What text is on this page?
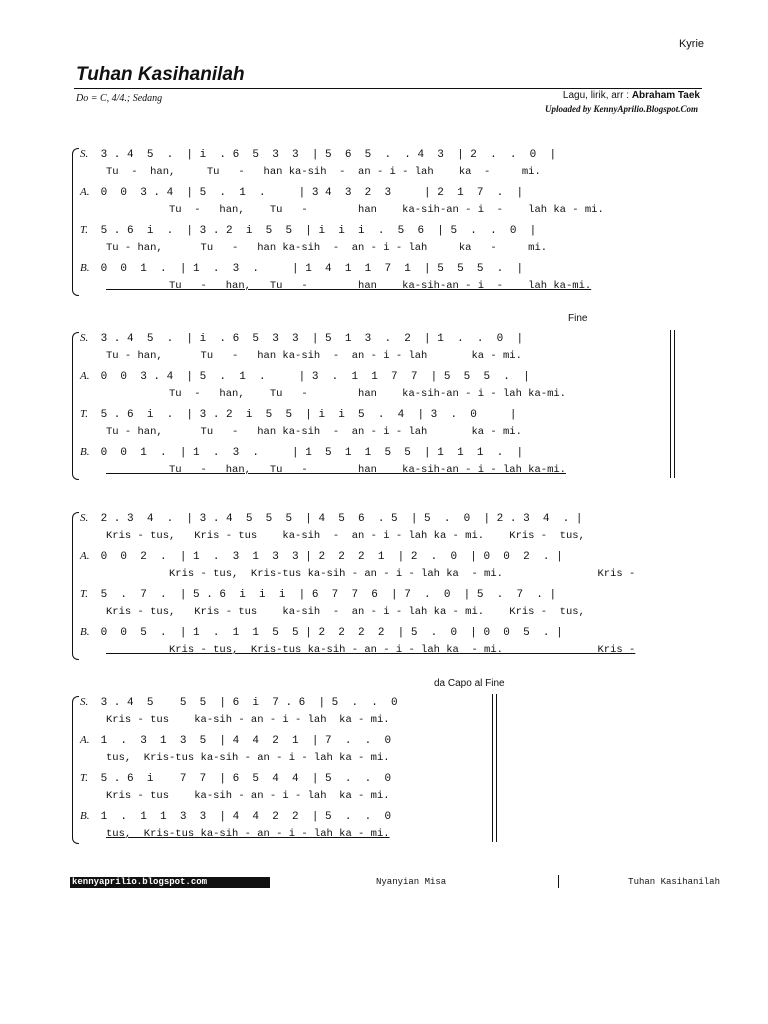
Kyrie
Tuhan Kasihanilah
Do = C, 4/4.; Sedang	Lagu, lirik, arr : Abraham Taek
Uploaded by KennyAprilio.Blogspot.Com
S. 3 . 4  5  .  | i  . 6  5  3  3  | 5  6  5  .  . 4  3  | 2  .  .  0  |
Tu  -  han,     Tu   -   han ka-sih  -  an - i - lah    ka  -     mi.
A. 0  0  3 . 4  | 5  .  1  .     | 3 4  3  2  3     | 2  1  7  .  |
Tu  -   han,    Tu   -        han    ka-sih-an - i  -    lah ka - mi.
T. 5 . 6  i  .  | 3 . 2  i  5  5  | i  i  i  .  5  6  | 5  .  .  0  |
Tu - han,      Tu   -   han ka-sih  -  an - i - lah     ka   -     mi.
B. 0  0  1  .  | 1  .  3  .     | 1  4  1  1  7  1  | 5  5  5  .  |
Tu   -   han,   Tu   -        han    ka-sih-an - i  -    lah ka-mi.
Fine
S. 3 . 4  5  .  | i  . 6  5  3  3  | 5  1  3  .  2  | 1  .  .  0  |
Tu - han,      Tu   -   han ka-sih  -  an - i - lah       ka - mi.
A. 0  0  3 . 4  | 5  .  1  .     | 3  .  1  1  7  7  | 5  5  5  .  |
Tu  -   han,    Tu   -        han    ka-sih-an - i - lah ka-mi.
T. 5 . 6  i  .  | 3 . 2  i  5  5  | i  i  5  .  4  | 3  .  0     |
Tu - han,      Tu   -   han ka-sih  -  an - i - lah       ka - mi.
B. 0  0  1  .  | 1  .  3  .     | 1  5  1  1  5  5  | 1  1  1  .  |
Tu   -   han,   Tu   -        han    ka-sih-an - i - lah ka-mi.
S. 2 . 3  4  .  | 3 . 4  5  5  5  | 4  5  6  . 5  | 5  .  0  | 2 . 3  4  . |
Kris - tus,   Kris - tus    ka-sih  -  an - i - lah ka - mi.    Kris -  tus,
A. 0  0  2  .  | 1  .  3  1  3  3 | 2  2  2  1  | 2  .  0  | 0  0  2  . |
Kris - tus,  Kris-tus ka-sih - an - i - lah ka  - mi.               Kris -
T. 5  .  7  .  | 5 . 6  i  i  i  | 6  7  7  6  | 7  .  0  | 5  .  7  . |
Kris - tus,   Kris - tus    ka-sih  -  an - i - lah ka - mi.    Kris -  tus,
B. 0  0  5  .  | 1  .  1  1  5  5 | 2  2  2  2  | 5  .  0  | 0  0  5  . |
Kris - tus,  Kris-tus ka-sih - an - i - lah ka  - mi.               Kris -
da Capo al Fine
S. 3 . 4  5    5  5  | 6  i  7 . 6  | 5  .  .  0
Kris - tus    ka-sih - an - i - lah  ka - mi.
A. 1  .  3  1  3  5  | 4  4  2  1  | 7  .  .  0
tus,  Kris-tus ka-sih - an - i - lah ka - mi.
T. 5 . 6  i    7  7  | 6  5  4  4  | 5  .  .  0
Kris - tus    ka-sih - an - i - lah  ka - mi.
B. 1  .  1  1  3  3  | 4  4  2  2  | 5  .  .  0
tus,  Kris-tus ka-sih - an - i - lah ka - mi.
kennyaprilio.blogspot.com	Nyanyian Misa	Tuhan Kasihanilah
